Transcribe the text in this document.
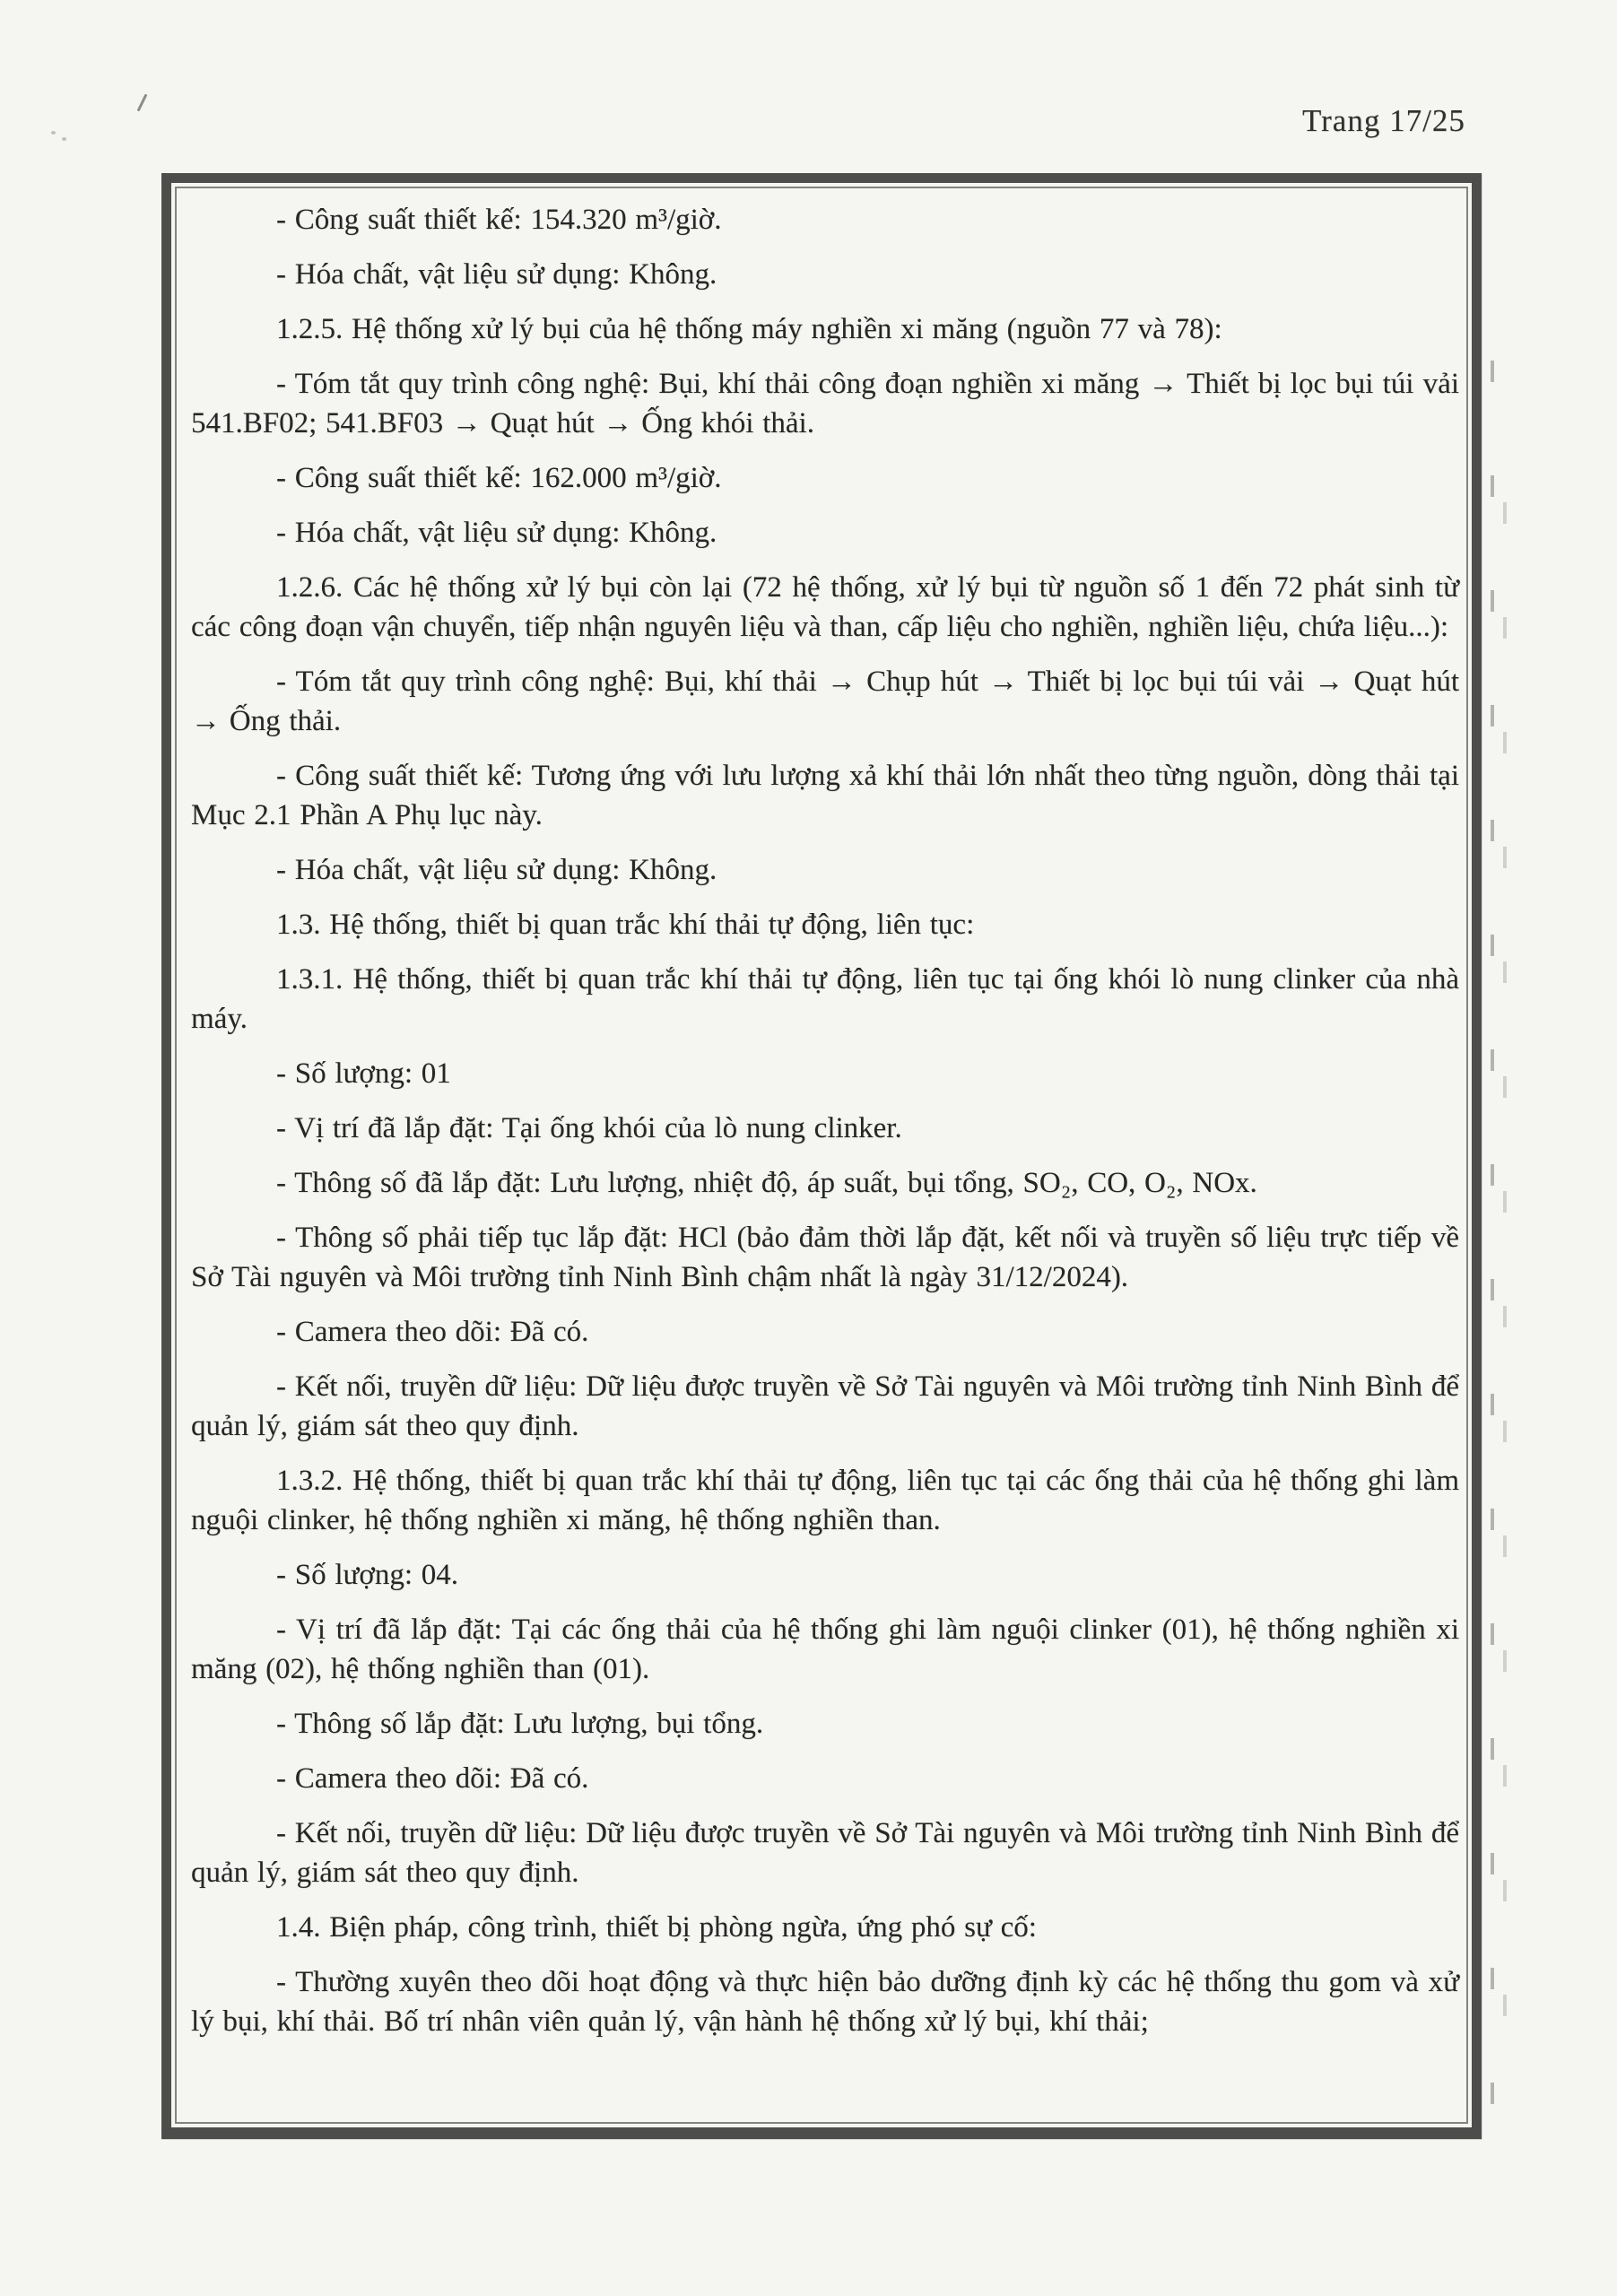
Trang 17/25

- Công suất thiết kế: 154.320 m³/giờ.

- Hóa chất, vật liệu sử dụng: Không.

1.2.5. Hệ thống xử lý bụi của hệ thống máy nghiền xi măng (nguồn 77 và 78):

- Tóm tắt quy trình công nghệ: Bụi, khí thải công đoạn nghiền xi măng → Thiết bị lọc bụi túi vải 541.BF02; 541.BF03 → Quạt hút → Ống khói thải.

- Công suất thiết kế: 162.000 m³/giờ.

- Hóa chất, vật liệu sử dụng: Không.

1.2.6. Các hệ thống xử lý bụi còn lại (72 hệ thống, xử lý bụi từ nguồn số 1 đến 72 phát sinh từ các công đoạn vận chuyển, tiếp nhận nguyên liệu và than, cấp liệu cho nghiền, nghiền liệu, chứa liệu...):

- Tóm tắt quy trình công nghệ: Bụi, khí thải → Chụp hút → Thiết bị lọc bụi túi vải → Quạt hút → Ống thải.

- Công suất thiết kế: Tương ứng với lưu lượng xả khí thải lớn nhất theo từng nguồn, dòng thải tại Mục 2.1 Phần A Phụ lục này.

- Hóa chất, vật liệu sử dụng: Không.

1.3. Hệ thống, thiết bị quan trắc khí thải tự động, liên tục:

1.3.1. Hệ thống, thiết bị quan trắc khí thải tự động, liên tục tại ống khói lò nung clinker của nhà máy.

- Số lượng: 01

- Vị trí đã lắp đặt: Tại ống khói của lò nung clinker.

- Thông số đã lắp đặt: Lưu lượng, nhiệt độ, áp suất, bụi tổng, SO₂, CO, O₂, NOx.

- Thông số phải tiếp tục lắp đặt: HCl (bảo đảm thời lắp đặt, kết nối và truyền số liệu trực tiếp về Sở Tài nguyên và Môi trường tỉnh Ninh Bình chậm nhất là ngày 31/12/2024).

- Camera theo dõi: Đã có.

- Kết nối, truyền dữ liệu: Dữ liệu được truyền về Sở Tài nguyên và Môi trường tỉnh Ninh Bình để quản lý, giám sát theo quy định.

1.3.2. Hệ thống, thiết bị quan trắc khí thải tự động, liên tục tại các ống thải của hệ thống ghi làm nguội clinker, hệ thống nghiền xi măng, hệ thống nghiền than.

- Số lượng: 04.

- Vị trí đã lắp đặt: Tại các ống thải của hệ thống ghi làm nguội clinker (01), hệ thống nghiền xi măng (02), hệ thống nghiền than (01).

- Thông số lắp đặt: Lưu lượng, bụi tổng.

- Camera theo dõi: Đã có.

- Kết nối, truyền dữ liệu: Dữ liệu được truyền về Sở Tài nguyên và Môi trường tỉnh Ninh Bình để quản lý, giám sát theo quy định.

1.4. Biện pháp, công trình, thiết bị phòng ngừa, ứng phó sự cố:

- Thường xuyên theo dõi hoạt động và thực hiện bảo dưỡng định kỳ các hệ thống thu gom và xử lý bụi, khí thải. Bố trí nhân viên quản lý, vận hành hệ thống xử lý bụi, khí thải;
